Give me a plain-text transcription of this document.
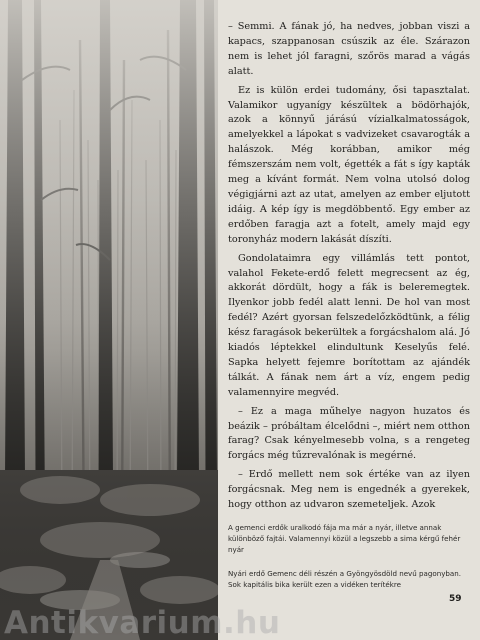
– Semmi. A fának jó, ha nedves, jobban viszi a kapacs, szappanosan csúszik az éle. Szárazon nem is lehet jól faragni, szőrös marad a vágás alatt.

Ez is külön erdei tudomány, ősi tapasztalat. Valamikor ugyanígy készültek a bödörhajók, azok a könnyű járású vízialkalmatosságok, amelyekkel a lápokat s vadvizeket csavarogták a halászok. Még korábban, amikor még fémszerszám nem volt, égették a fát s így kapták meg a kívánt formát. Nem volna utolsó dolog végigjárni azt az utat, amelyen az ember eljutott idáig. A kép így is megdöbbentő. Egy ember az erdőben faragja azt a fotelt, amely majd egy toronyház modern lakását díszíti.

Gondolataimra egy villámlás tett pontot, valahol Fekete-erdő felett megrecsent az ég, akkorát dördült, hogy a fák is beleremegtek. Ilyenkor jobb fedél alatt lenni. De hol van most fedél? Azért gyorsan felszedelőzködtünk, a félig kész faragások bekerültek a forgácshalom alá. Jó kiadós léptekkel elindultunk Keselyűs felé. Sapka helyett fejemre borítottam az ajándék tálkát. A fának nem árt a víz, engem pedig valamennyire megvéd.

– Ez a maga műhelye nagyon huzatos és beázik – próbáltam élcelődni –, miért nem otthon farag? Csak kényelmesebb volna, s a rengeteg forgács még tűzrevalónak is megérné.

– Erdő mellett nem sok értéke van az ilyen forgácsnak. Meg nem is engednék a gyerekek, hogy otthon az udvaron szemeteljek. Azok

A gemenci erdők uralkodó fája ma már a nyár, illetve annak különböző fajtái. Valamennyi közül a legszebb a sima kérgű fehér nyár
Nyári erdő Gemenc déli részén a Gyöngyösdöld nevű pagonyban. Sok kapitális bika került ezen a vidéken terítékre
59
Antikvarium.hu
